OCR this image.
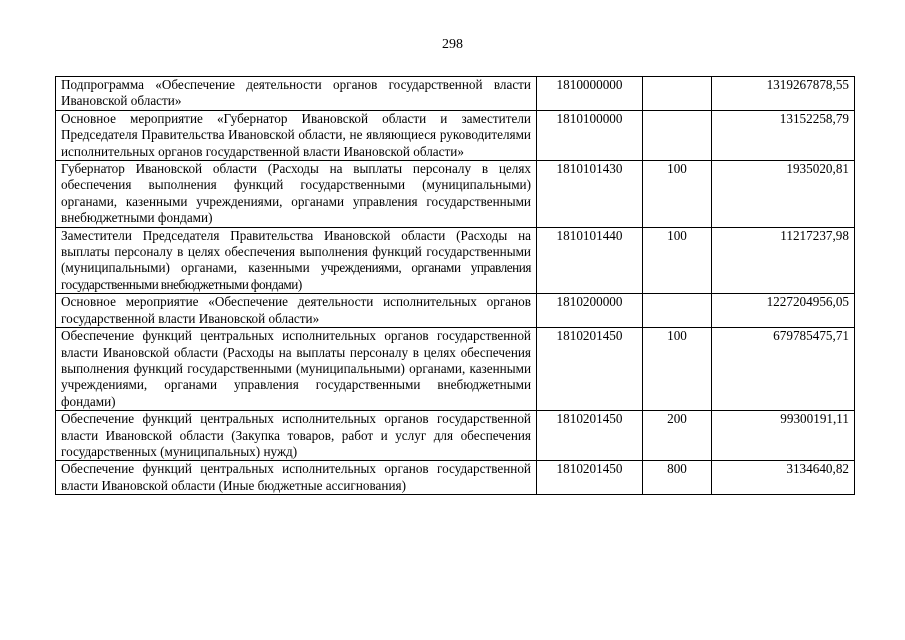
298
Подпрограмма «Обеспечение деятельности органов государственной власти Ивановской области»	1810000000		1319267878,55
Основное мероприятие «Губернатор Ивановской области и заместители Председателя Правительства Ивановской области, не являющиеся руководителями исполнительных органов государственной власти Ивановской области»	1810100000		13152258,79
Губернатор Ивановской области (Расходы на выплаты персоналу в целях обеспечения выполнения функций государственными (муниципальными) органами, казенными учреждениями, органами управления государственными внебюджетными фондами)	1810101430	100	1935020,81
Заместители Председателя Правительства Ивановской области (Расходы на выплаты персоналу в целях обеспечения выполнения функций государственными (муниципальными) органами, казенными учреждениями, органами управления государственными внебюджетными фондами)	1810101440	100	11217237,98
Основное мероприятие «Обеспечение деятельности исполнительных органов государственной власти Ивановской области»	1810200000		1227204956,05
Обеспечение функций центральных исполнительных органов государственной власти Ивановской области (Расходы на выплаты персоналу в целях обеспечения выполнения функций государственными (муниципальными) органами, казенными учреждениями, органами управления государственными внебюджетными фондами)	1810201450	100	679785475,71
Обеспечение функций центральных исполнительных органов государственной власти Ивановской области (Закупка товаров, работ и услуг для обеспечения государственных (муниципальных) нужд)	1810201450	200	99300191,11
Обеспечение функций центральных исполнительных органов государственной власти Ивановской области (Иные бюджетные ассигнования)	1810201450	800	3134640,82
